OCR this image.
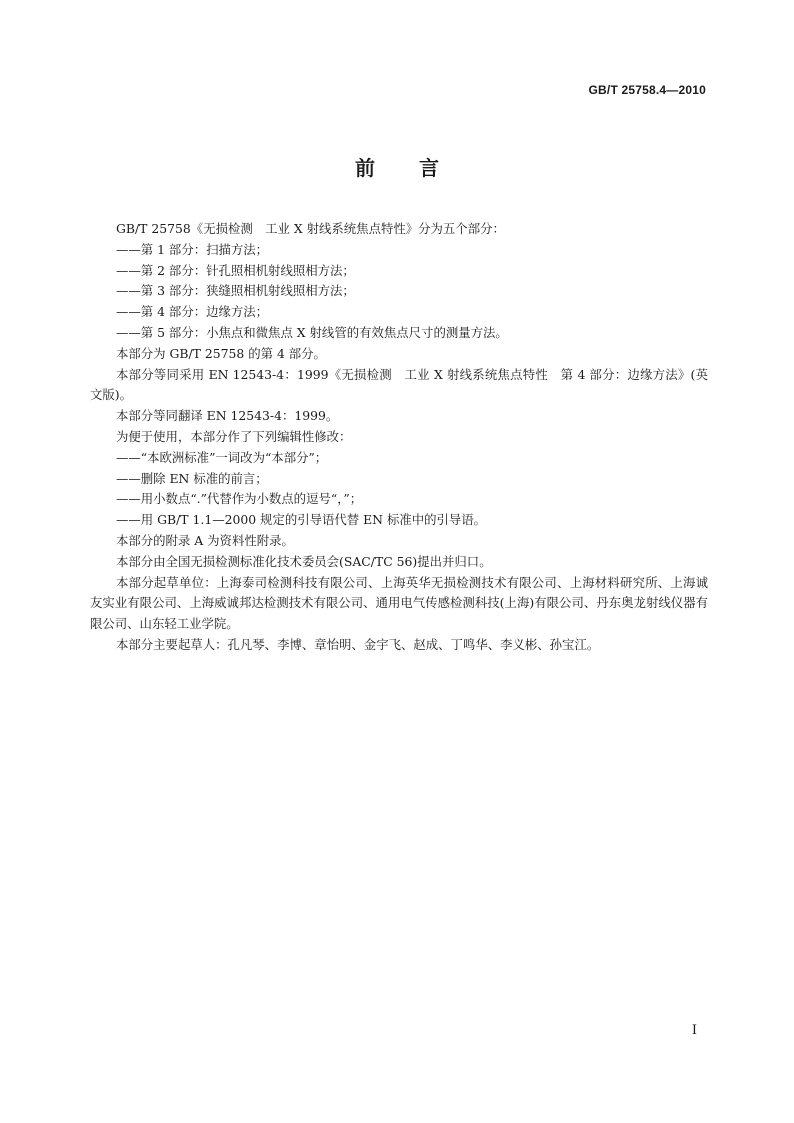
GB/T 25758.4—2010
前言

GB/T 25758《无损检测　工业 X 射线系统焦点特性》分为五个部分：

——第 1 部分：扫描方法；

——第 2 部分：针孔照相机射线照相方法；

——第 3 部分：狭缝照相机射线照相方法；

——第 4 部分：边缘方法；

——第 5 部分：小焦点和微焦点 X 射线管的有效焦点尺寸的测量方法。

本部分为 GB/T 25758 的第 4 部分。

本部分等同采用 EN 12543-4：1999《无损检测　工业 X 射线系统焦点特性　第 4 部分：边缘方法》(英文版)。

本部分等同翻译 EN 12543-4：1999。

为便于使用，本部分作了下列编辑性修改：

——“本欧洲标准”一词改为“本部分”；

——删除 EN 标准的前言；

——用小数点“.”代替作为小数点的逗号“，”；

——用 GB/T 1.1—2000 规定的引导语代替 EN 标准中的引导语。

本部分的附录 A 为资料性附录。

本部分由全国无损检测标准化技术委员会(SAC/TC 56)提出并归口。

本部分起草单位：上海泰司检测科技有限公司、上海英华无损检测技术有限公司、上海材料研究所、上海诚友实业有限公司、上海威诚邦达检测技术有限公司、通用电气传感检测科技(上海)有限公司、丹东奥龙射线仪器有限公司、山东轻工业学院。

本部分主要起草人：孔凡琴、李博、章怡明、金宇飞、赵成、丁鸣华、李义彬、孙宝江。

I
